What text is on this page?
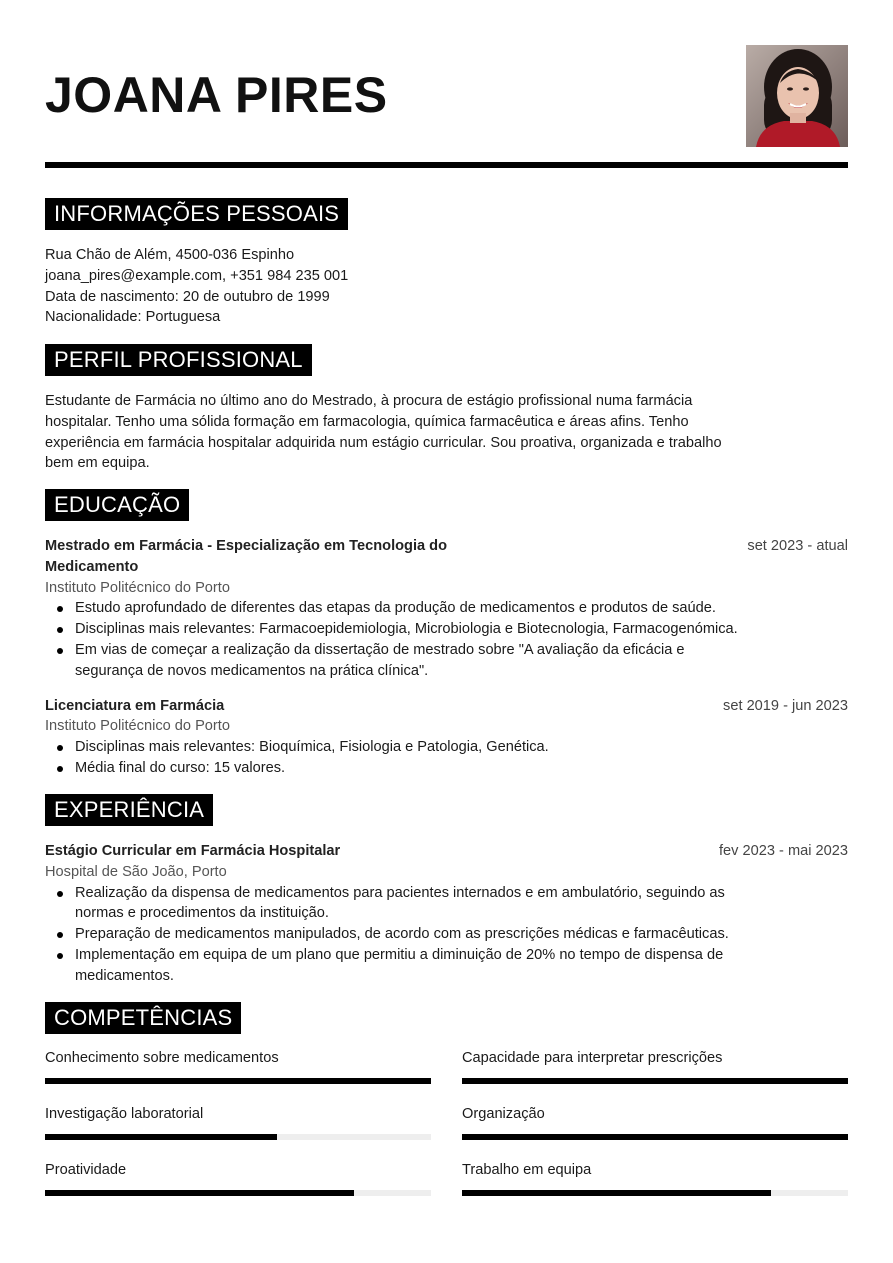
JOANA PIRES
INFORMAÇÕES PESSOAIS
Rua Chão de Além, 4500-036 Espinho
joana_pires@example.com, +351 984 235 001
Data de nascimento: 20 de outubro de 1999
Nacionalidade: Portuguesa
PERFIL PROFISSIONAL
Estudante de Farmácia no último ano do Mestrado, à procura de estágio profissional numa farmácia
hospitalar. Tenho uma sólida formação em farmacologia, química farmacêutica e áreas afins. Tenho
experiência em farmácia hospitalar adquirida num estágio curricular. Sou proativa, organizada e trabalho
bem em equipa.
EDUCAÇÃO
Mestrado em Farmácia - Especialização em Tecnologia do
Medicamento
set 2023 - atual
Instituto Politécnico do Porto
Estudo aprofundado de diferentes das etapas da produção de medicamentos e produtos de saúde.
Disciplinas mais relevantes: Farmacoepidemiologia, Microbiologia e Biotecnologia, Farmacogenómica.
Em vias de começar a realização da dissertação de mestrado sobre "A avaliação da eficácia e
segurança de novos medicamentos na prática clínica".
Licenciatura em Farmácia	set 2019 - jun 2023
Instituto Politécnico do Porto
Disciplinas mais relevantes: Bioquímica, Fisiologia e Patologia, Genética.
Média final do curso: 15 valores.
EXPERIÊNCIA
Estágio Curricular em Farmácia Hospitalar	fev 2023 - mai 2023
Hospital de São João, Porto
Realização da dispensa de medicamentos para pacientes internados e em ambulatório, seguindo as
normas e procedimentos da instituição.
Preparação de medicamentos manipulados, de acordo com as prescrições médicas e farmacêuticas.
Implementação em equipa de um plano que permitiu a diminuição de 20% no tempo de dispensa de
medicamentos.
COMPETÊNCIAS
Conhecimento sobre medicamentos	Capacidade para interpretar prescrições
Investigação laboratorial	Organização
Proatividade	Trabalho em equipa
